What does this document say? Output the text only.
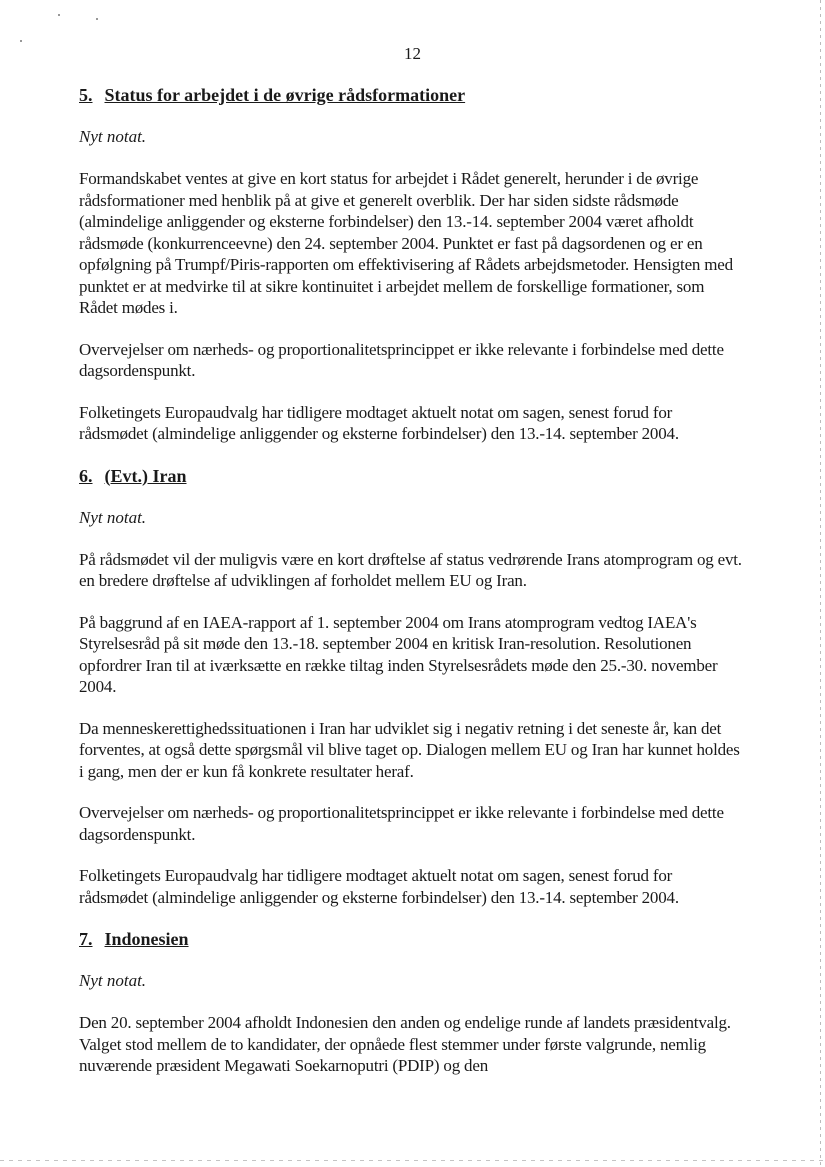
12
5. Status for arbejdet i de øvrige rådsformationer
Nyt notat.

Formandskabet ventes at give en kort status for arbejdet i Rådet generelt, herunder i de øvrige rådsformationer med henblik på at give et generelt overblik. Der har siden sidste rådsmøde (almindelige anliggender og eksterne forbindelser) den 13.-14. september 2004 været afholdt rådsmøde (konkurrenceevne) den 24. september 2004. Punktet er fast på dagsordenen og er en opfølgning på Trumpf/Piris-rapporten om effektivisering af Rådets arbejdsmetoder. Hensigten med punktet er at medvirke til at sikre kontinuitet i arbejdet mellem de forskellige formationer, som Rådet mødes i.

Overvejelser om nærheds- og proportionalitetsprincippet er ikke relevante i forbindelse med dette dagsordenspunkt.

Folketingets Europaudvalg har tidligere modtaget aktuelt notat om sagen, senest forud for rådsmødet (almindelige anliggender og eksterne forbindelser) den 13.-14. september 2004.

6. (Evt.) Iran
Nyt notat.

På rådsmødet vil der muligvis være en kort drøftelse af status vedrørende Irans atomprogram og evt. en bredere drøftelse af udviklingen af forholdet mellem EU og Iran.

På baggrund af en IAEA-rapport af 1. september 2004 om Irans atomprogram vedtog IAEA's Styrelsesråd på sit møde den 13.-18. september 2004 en kritisk Iran-resolution. Resolutionen opfordrer Iran til at iværksætte en række tiltag inden Styrelsesrådets møde den 25.-30. november 2004.

Da menneskerettighedssituationen i Iran har udviklet sig i negativ retning i det seneste år, kan det forventes, at også dette spørgsmål vil blive taget op. Dialogen mellem EU og Iran har kunnet holdes i gang, men der er kun få konkrete resultater heraf.

Overvejelser om nærheds- og proportionalitetsprincippet er ikke relevante i forbindelse med dette dagsordenspunkt.

Folketingets Europaudvalg har tidligere modtaget aktuelt notat om sagen, senest forud for rådsmødet (almindelige anliggender og eksterne forbindelser) den 13.-14. september 2004.

7. Indonesien
Nyt notat.

Den 20. september 2004 afholdt Indonesien den anden og endelige runde af landets præsidentvalg. Valget stod mellem de to kandidater, der opnåede flest stemmer under første valgrunde, nemlig nuværende præsident Megawati Soekarnoputri (PDIP) og den
